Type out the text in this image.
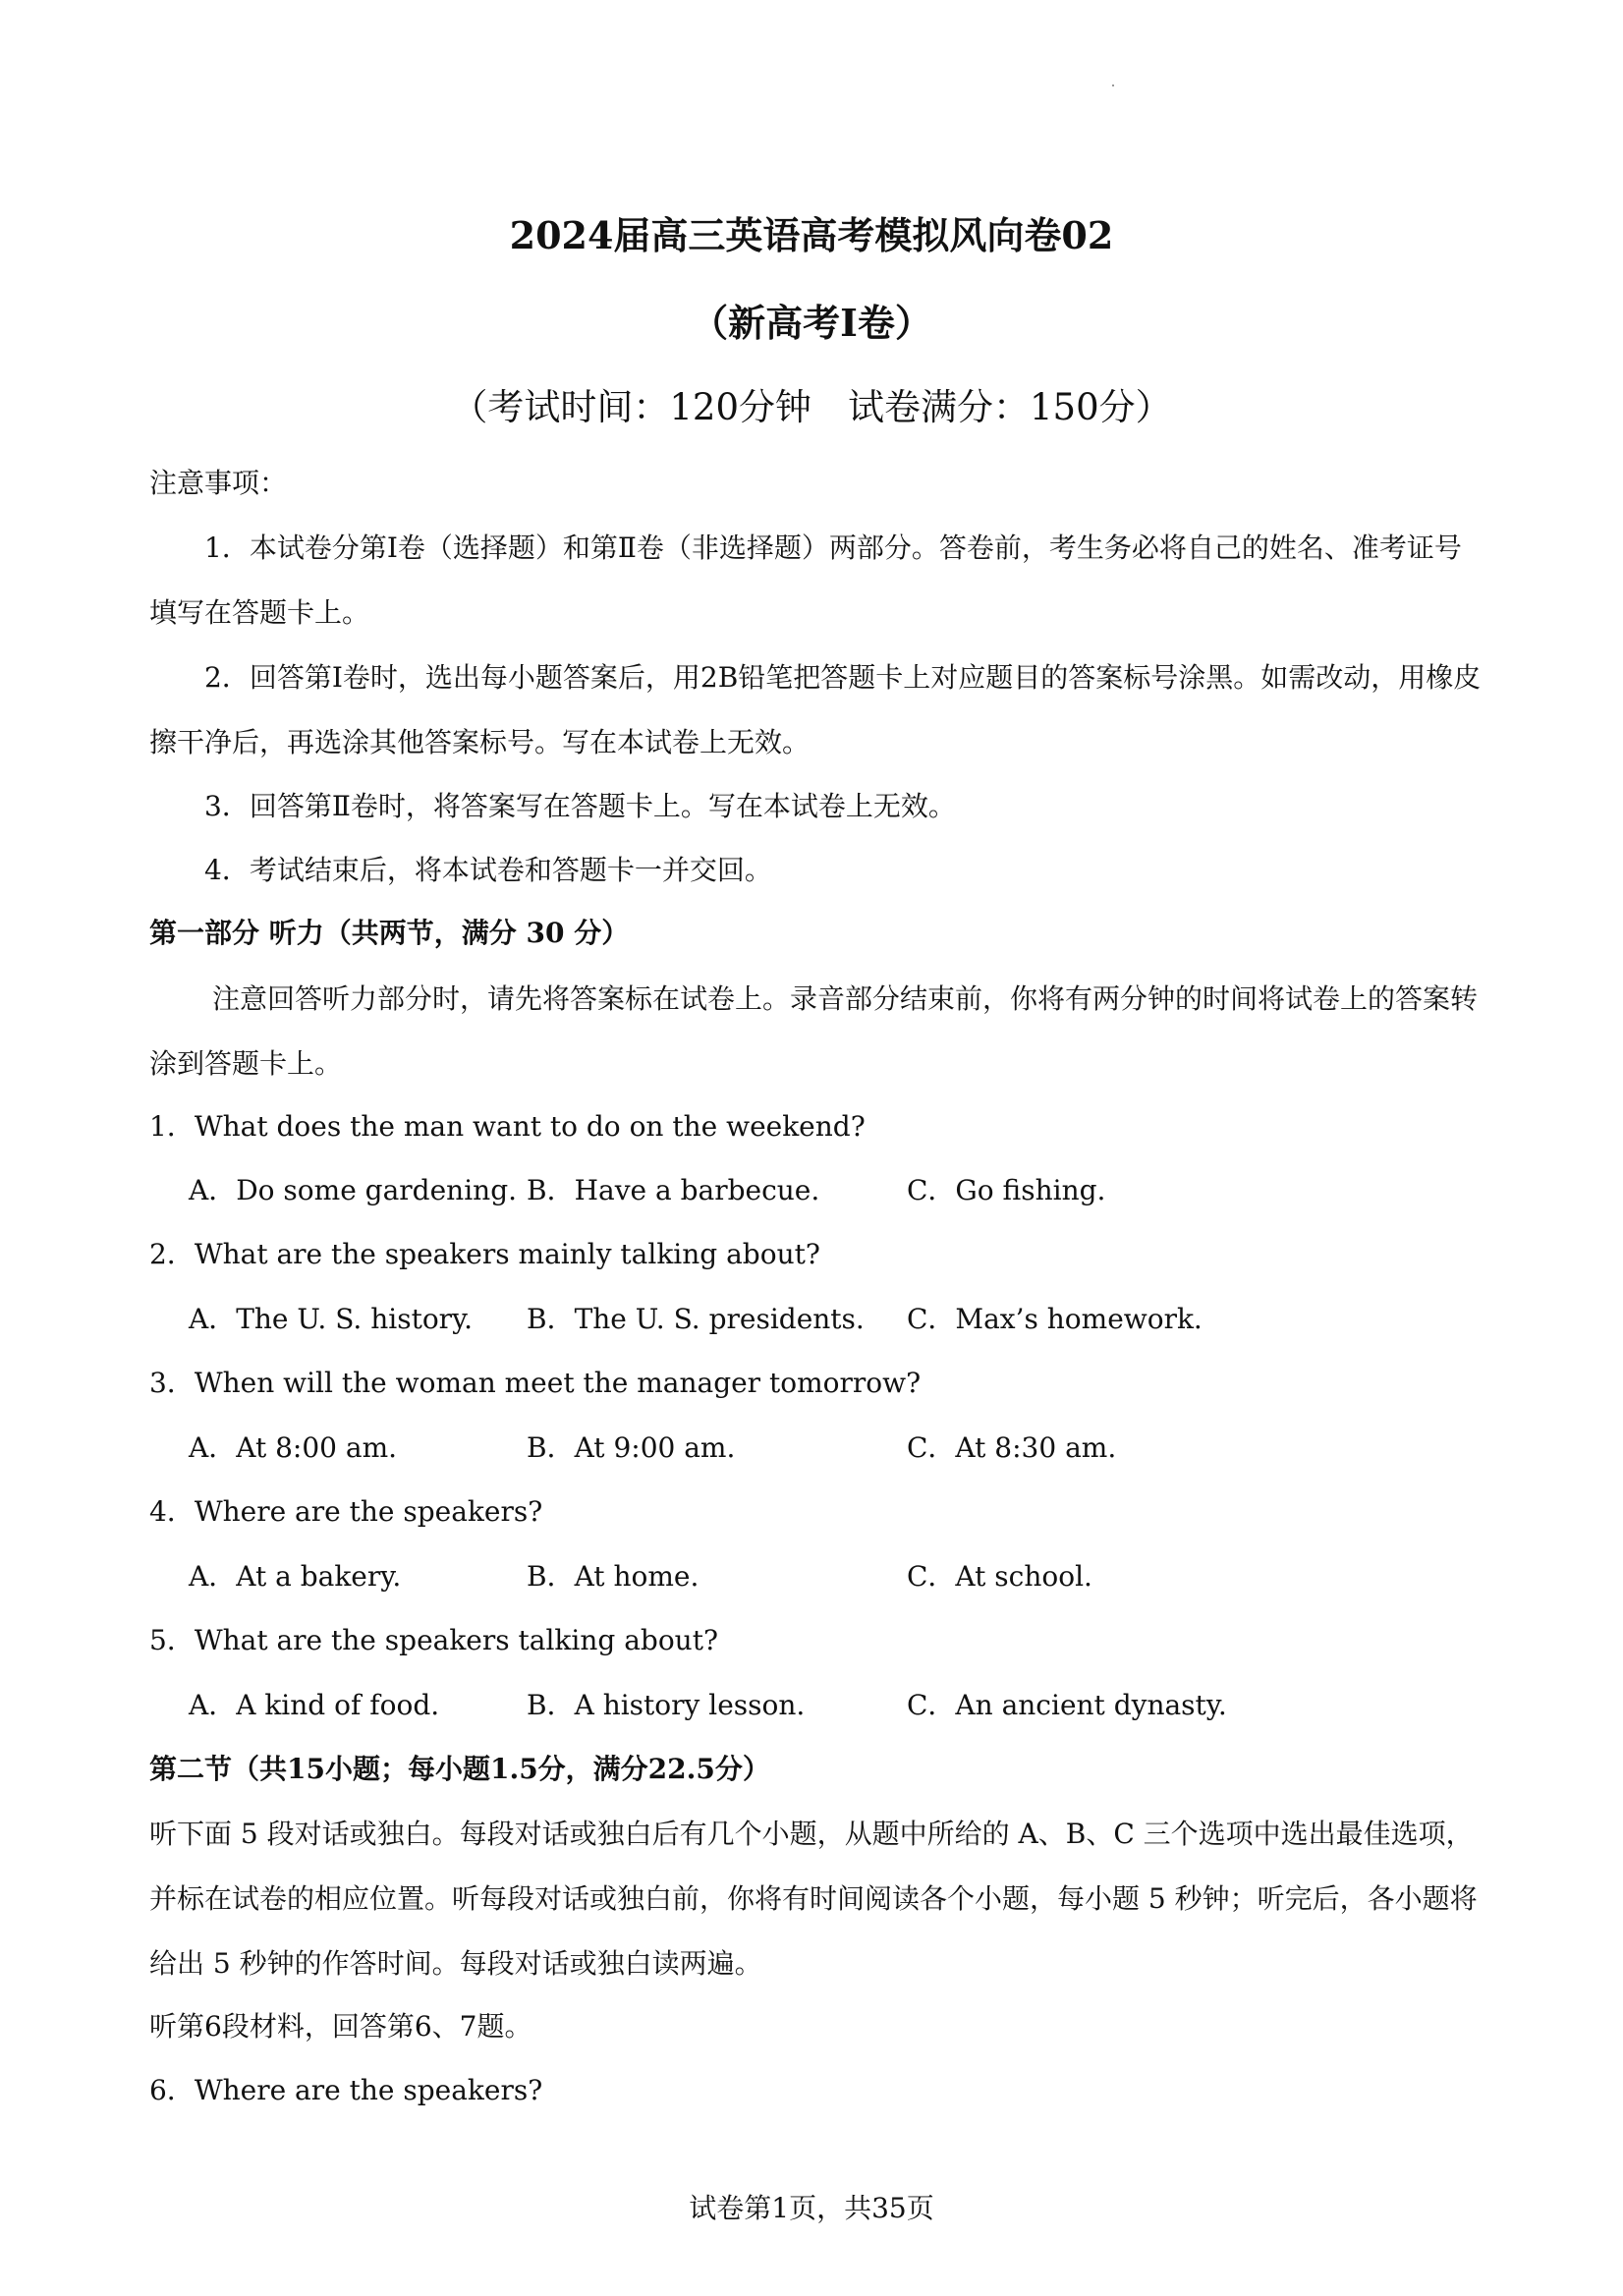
2024届高三英语高考模拟风向卷02
（新高考I卷）
（考试时间：120分钟　试卷满分：150分）
注意事项：
1．本试卷分第Ⅰ卷（选择题）和第Ⅱ卷（非选择题）两部分。答卷前，考生务必将自己的姓名、准考证号填写在答题卡上。
2．回答第Ⅰ卷时，选出每小题答案后，用2B铅笔把答题卡上对应题目的答案标号涂黑。如需改动，用橡皮擦干净后，再选涂其他答案标号。写在本试卷上无效。
3．回答第Ⅱ卷时，将答案写在答题卡上。写在本试卷上无效。
4．考试结束后，将本试卷和答题卡一并交回。
第一部分 听力（共两节，满分 30 分）
注意回答听力部分时，请先将答案标在试卷上。录音部分结束前，你将有两分钟的时间将试卷上的答案转涂到答题卡上。
1．What does the man want to do on the weekend?
A．Do some gardening. B．Have a barbecue.	C．Go fishing.
2．What are the speakers mainly talking about?
A．The U. S. history. B．The U. S. presidents. C．Max’s homework.
3．When will the woman meet the manager tomorrow?
A．At 8:00 am.	B．At 9:00 am.	C．At 8:30 am.
4．Where are the speakers?
A．At a bakery.	B．At home.	C．At school.
5．What are the speakers talking about?
A．A kind of food.	B．A history lesson.	C．An ancient dynasty.
第二节（共15小题；每小题1.5分，满分22.5分）
听下面 5 段对话或独白。每段对话或独白后有几个小题，从题中所给的 A、B、C 三个选项中选出最佳选项，并标在试卷的相应位置。听每段对话或独白前，你将有时间阅读各个小题，每小题 5 秒钟；听完后，各小题将给出 5 秒钟的作答时间。每段对话或独白读两遍。
听第6段材料，回答第6、7题。
6．Where are the speakers?
试卷第1页，共35页
